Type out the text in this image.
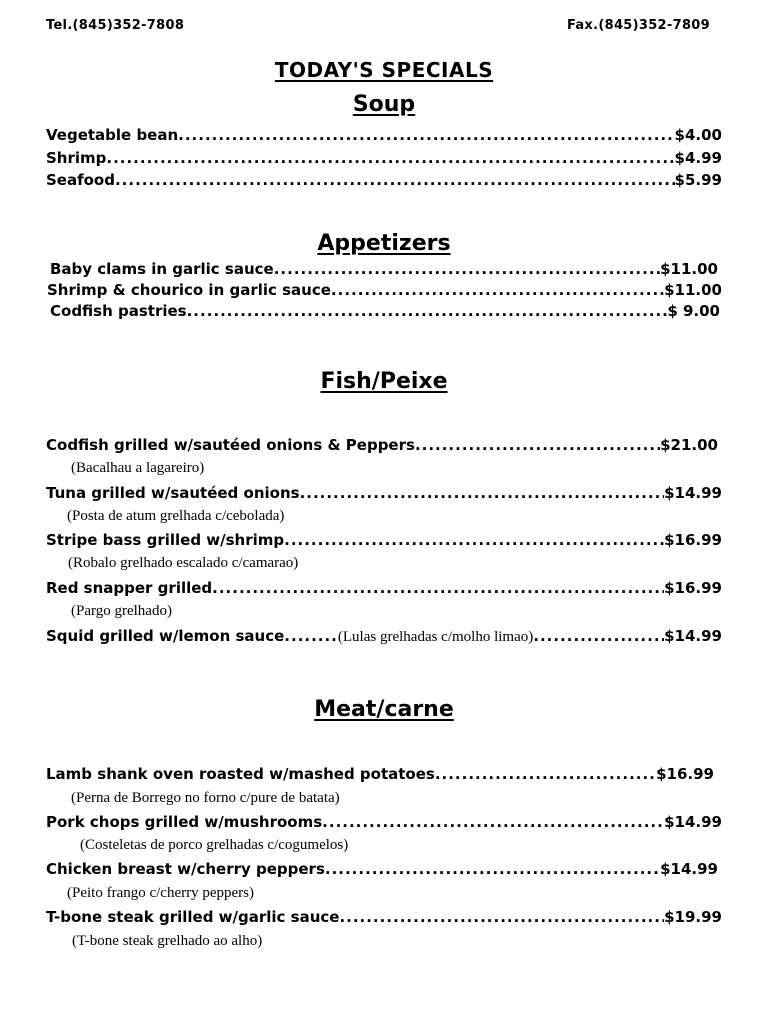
Tel.(845)352-7808	Fax.(845)352-7809
TODAY'S SPECIALS
Soup
Vegetable bean .....	$4.00
Shrimp .....	$4.99
Seafood .....	$5.99
Appetizers
Baby clams in garlic sauce .....	$11.00
Shrimp & chourico in garlic sauce .....	$11.00
Codfish pastries .....	$ 9.00
Fish/Peixe
Codfish grilled w/sautéed onions & Peppers .....	$21.00
(Bacalhau a lagareiro)
Tuna grilled w/sautéed onions .....	$14.99
(Posta de atum grelhada c/cebolada)
Stripe bass grilled w/shrimp .....	$16.99
(Robalo grelhado escalado c/camarao)
Red snapper grilled .....	$16.99
(Pargo grelhado)
Squid grilled w/lemon sauce ........	(Lulas grelhadas c/molho limao) .....	$14.99
Meat/carne
Lamb shank oven roasted w/mashed potatoes .....	$16.99
(Perna de Borrego no forno c/pure de batata)
Pork chops grilled w/mushrooms .....	$14.99
(Costeletas de porco grelhadas c/cogumelos)
Chicken breast w/cherry peppers .....	$14.99
(Peito frango c/cherry peppers)
T-bone steak grilled w/garlic sauce .....	$19.99
(T-bone steak grelhado ao alho)
